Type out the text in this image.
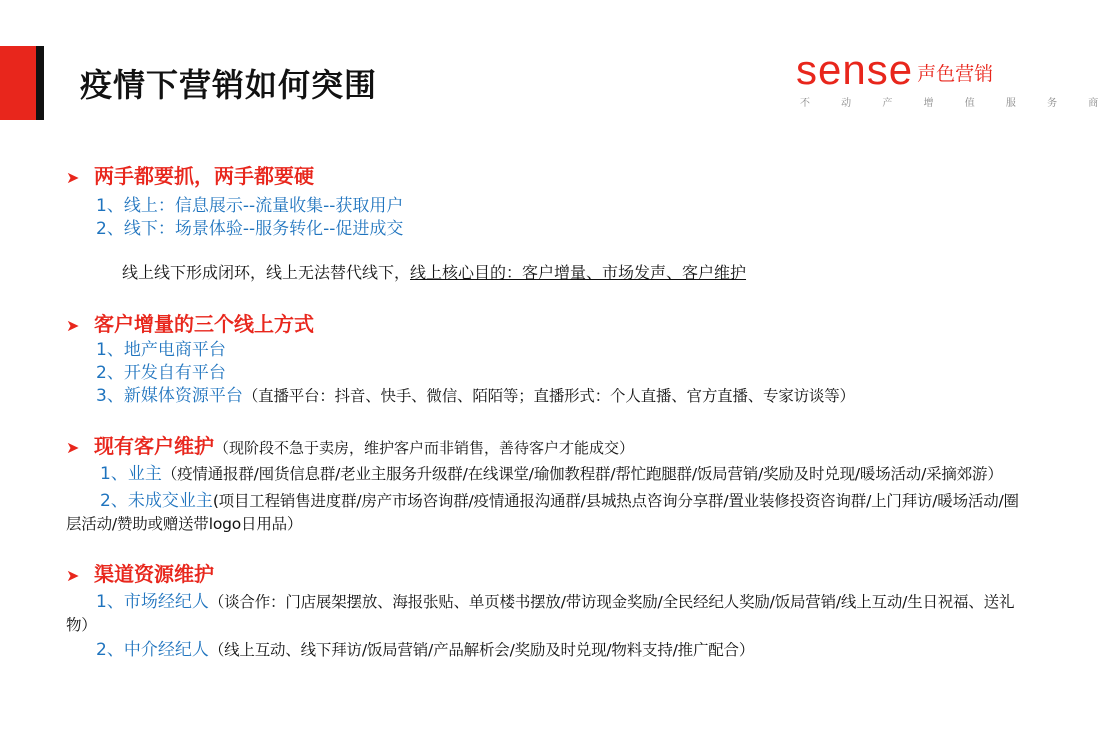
疫情下营销如何突围	sense 声色营销
不 动 产 增 值 服 务 商
➤ 两手都要抓，两手都要硬
1、线上：信息展示--流量收集--获取用户
2、线下：场景体验--服务转化--促进成交
线上线下形成闭环，线上无法替代线下，线上核心目的：客户增量、市场发声、客户维护
➤ 客户增量的三个线上方式
1、地产电商平台
2、开发自有平台
3、新媒体资源平台（直播平台：抖音、快手、微信、陌陌等；直播形式：个人直播、官方直播、专家访谈等）
➤ 现有客户维护 （现阶段不急于卖房，维护客户而非销售，善待客户才能成交）
1、业主（疫情通报群/囤货信息群/老业主服务升级群/在线课堂/瑜伽教程群/帮忙跑腿群/饭局营销/奖励及时兑现/暖场活动/采摘郊游）
2、未成交业主(项目工程销售进度群/房产市场咨询群/疫情通报沟通群/县城热点咨询分享群/置业装修投资咨询群/上门拜访/暖场活动/圈层活动/赞助或赠送带logo日用品）
➤ 渠道资源维护
1、市场经纪人（谈合作：门店展架摆放、海报张贴、单页楼书摆放/带访现金奖励/全民经纪人奖励/饭局营销/线上互动/生日祝福、送礼物）
2、中介经纪人（线上互动、线下拜访/饭局营销/产品解析会/奖励及时兑现/物料支持/推广配合）
